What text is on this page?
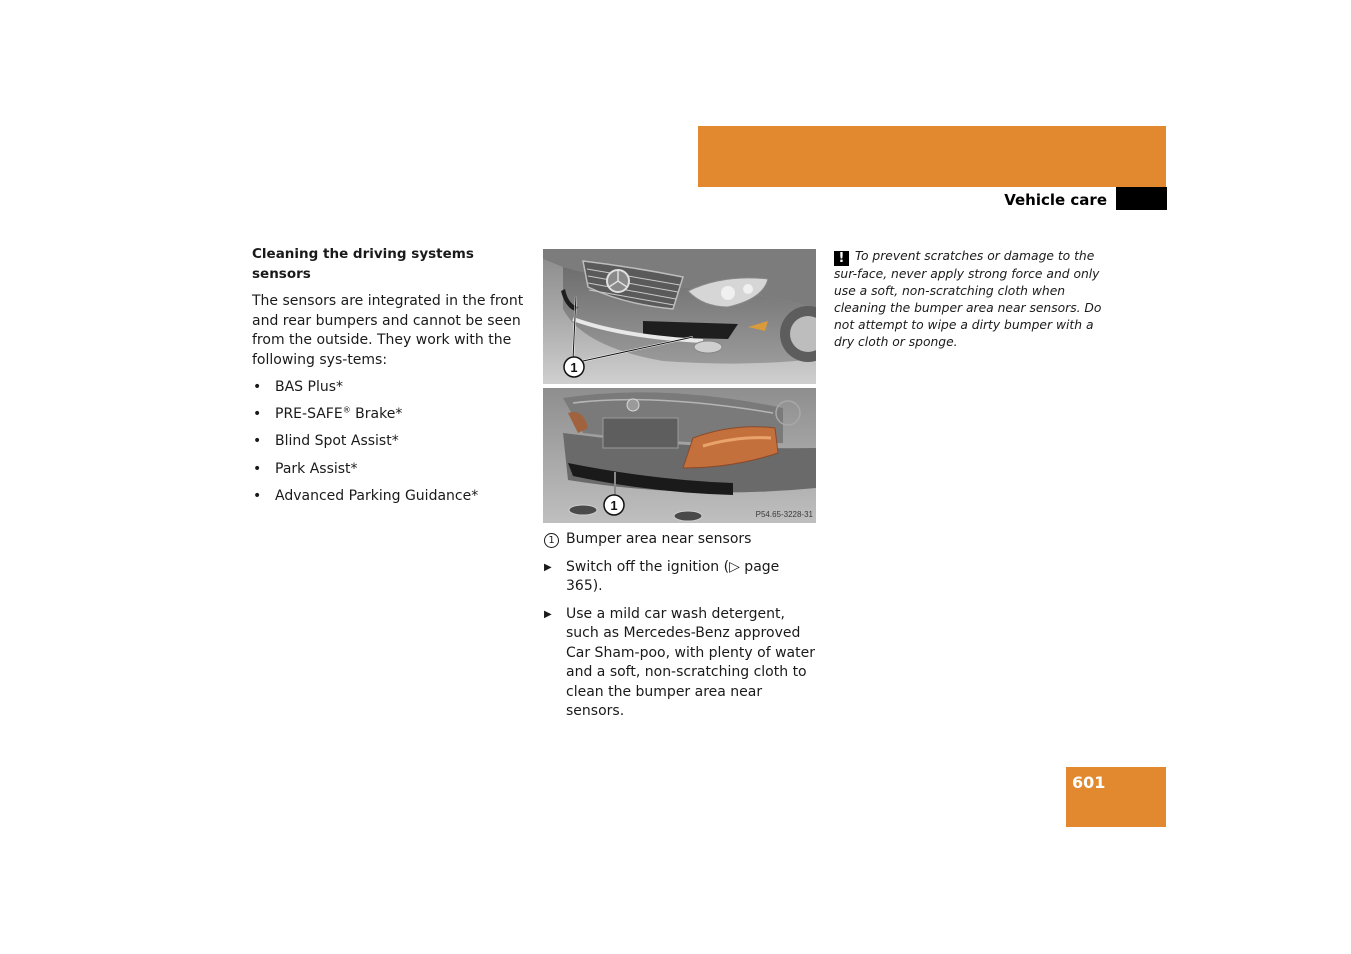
Operation
Vehicle care

Cleaning the driving systems sensors

The sensors are integrated in the front and rear bumpers and cannot be seen from the outside. They work with the following sys-tems:

• BAS Plus*
• PRE-SAFE® Brake*
• Blind Spot Assist*
• Park Assist*
• Advanced Parking Guidance*
1
1
P54.65-3228-31

1 Bumper area near sensors

▶ Switch off the ignition (▷ page 365).

▶ Use a mild car wash detergent, such as Mercedes-Benz approved Car Sham-poo, with plenty of water and a soft, non-scratching cloth to clean the bumper area near sensors.

! To prevent scratches or damage to the sur-face, never apply strong force and only use a soft, non-scratching cloth when cleaning the bumper area near sensors. Do not attempt to wipe a dirty bumper with a dry cloth or sponge.
601
